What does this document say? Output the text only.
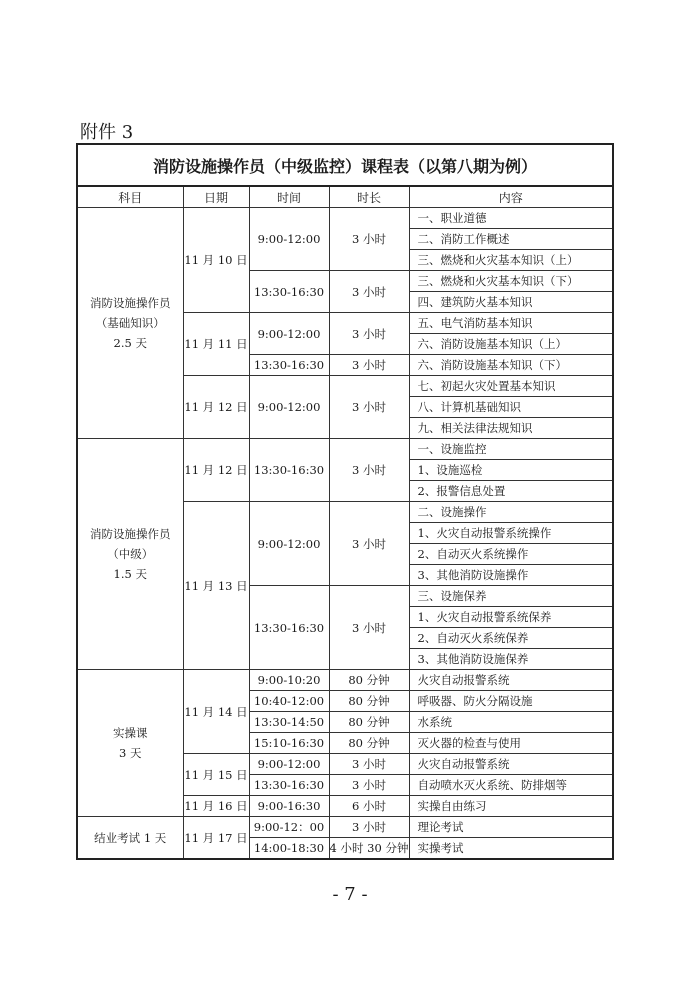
附件 3
消防设施操作员（中级监控）课程表（以第八期为例）				
科目	日期	时间	时长	内容

消防设施操作员
（基础知识）
2.5 天	11 月 10 日	9:00-12:00	3 小时	一、职业道德
				二、消防工作概述
				三、燃烧和火灾基本知识（上）
		13:30-16:30	3 小时	三、燃烧和火灾基本知识（下）
				四、建筑防火基本知识
	11 月 11 日	9:00-12:00	3 小时	五、电气消防基本知识
				六、消防设施基本知识（上）
		13:30-16:30	3 小时	六、消防设施基本知识（下）
	11 月 12 日	9:00-12:00	3 小时	七、初起火灾处置基本知识
				八、计算机基础知识
				九、相关法律法规知识

消防设施操作员
（中级）
1.5 天	11 月 12 日	13:30-16:30	3 小时	一、设施监控
				1、设施巡检
				2、报警信息处置
	11 月 13 日	9:00-12:00	3 小时	二、设施操作
				1、火灾自动报警系统操作
				2、自动灭火系统操作
				3、其他消防设施操作
		13:30-16:30	3 小时	三、设施保养
				1、火灾自动报警系统保养
				2、自动灭火系统保养
				3、其他消防设施保养

实操课
3 天	11 月 14 日	9:00-10:20	80 分钟	火灾自动报警系统
		10:40-12:00	80 分钟	呼吸器、防火分隔设施
		13:30-14:50	80 分钟	水系统
		15:10-16:30	80 分钟	灭火器的检查与使用
	11 月 15 日	9:00-12:00	3 小时	火灾自动报警系统
		13:30-16:30	3 小时	自动喷水灭火系统、防排烟等
	11 月 16 日	9:00-16:30	6 小时	实操自由练习
结业考试 1 天	11 月 17 日	9:00-12：00	3 小时	理论考试
		14:00-18:30	4 小时 30 分钟	实操考试
- 7 -
